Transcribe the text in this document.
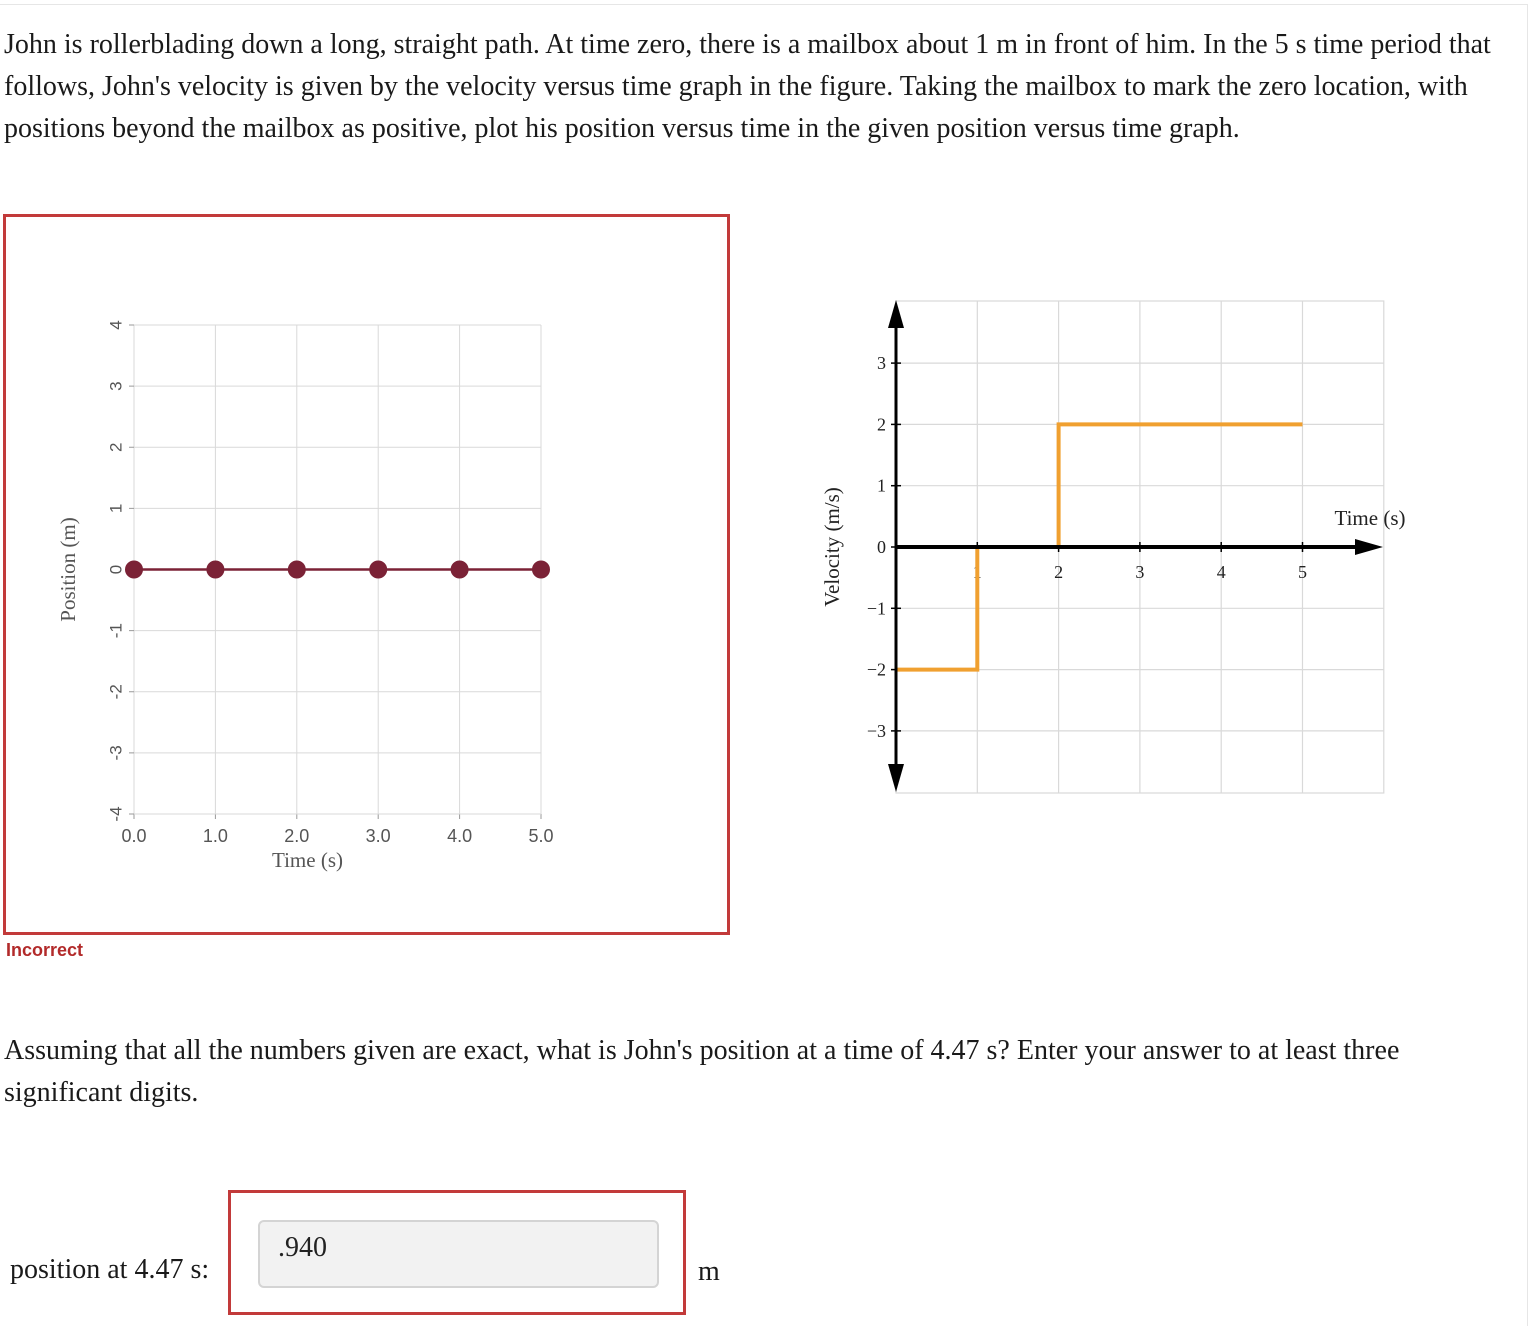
John is rollerblading down a long, straight path. At time zero, there is a mailbox about 1 m in front of him. In the 5 s time period that follows, John's velocity is given by the velocity versus time graph in the figure. Taking the mailbox to mark the zero location, with positions beyond the mailbox as positive, plot his position versus time in the given position versus time graph.

0.0	1.0	2.0	3.0	4.0	5.0
4
3
2
1
0
-1
-2
-3
-4
Time (s)
Position (m)
Incorrect
1	2	3	4	5
3
2
1
0
−1
−2
−3
Time (s)
Velocity (m/s)

Assuming that all the numbers given are exact, what is John's position at a time of 4.47 s? Enter your answer to at least three significant digits.

position at 4.47 s:
.940	m
